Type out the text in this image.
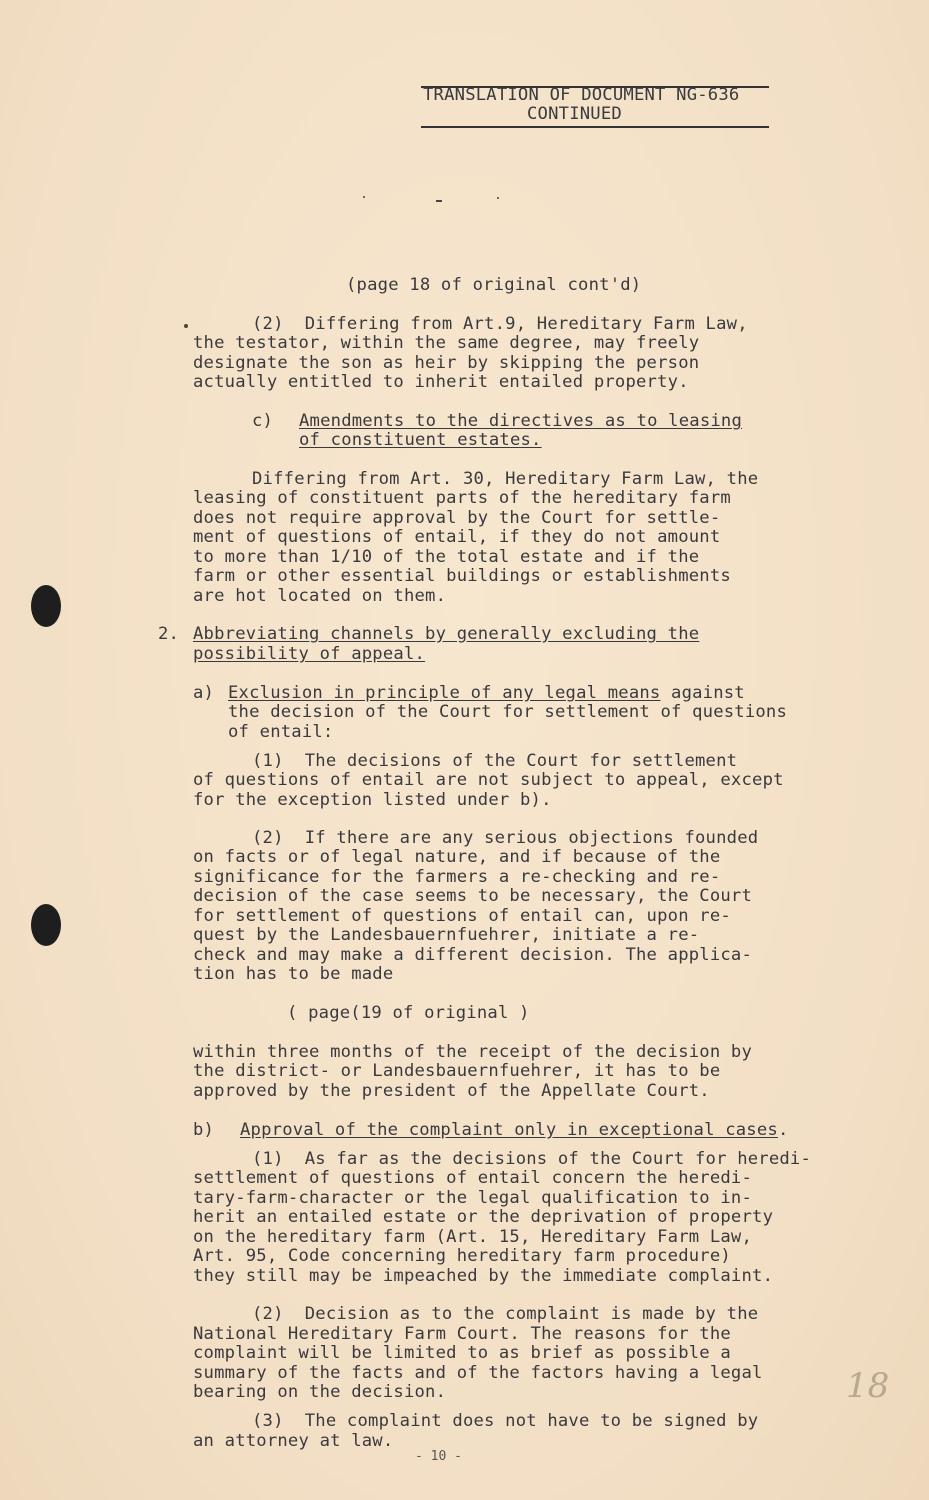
TRANSLATION OF DOCUMENT NG-636

CONTINUED

(page 18 of original cont'd)

(2)  Differing from Art.9, Hereditary Farm Law,

the testator, within the same degree, may freely

designate the son as heir by skipping the person

actually entitled to inherit entailed property.

c) Amendments to the directives as to leasing

of constituent estates.

Differing from Art. 30, Hereditary Farm Law, the

leasing of constituent parts of the hereditary farm

does not require approval by the Court for settle-

ment of questions of entail, if they do not amount

to more than 1/10 of the total estate and if the

farm or other essential buildings or establishments

are hot located on them.

2. Abbreviating channels by generally excluding the

possibility of appeal.

a) Exclusion in principle of any legal means against

the decision of the Court for settlement of questions

of entail:

(1)  The decisions of the Court for settlement

of questions of entail are not subject to appeal, except

for the exception listed under b).

(2)  If there are any serious objections founded

on facts or of legal nature, and if because of the

significance for the farmers a re-checking and re-

decision of the case seems to be necessary, the Court

for settlement of questions of entail can, upon re-

quest by the Landesbauernfuehrer, initiate a re-

check and may make a different decision. The applica-

tion has to be made

( page(19 of original )

within three months of the receipt of the decision by

the district- or Landesbauernfuehrer, it has to be

approved by the president of the Appellate Court.

b) Approval of the complaint only in exceptional cases.

(1)  As far as the decisions of the Court for heredi-

settlement of questions of entail concern the heredi-

tary-farm-character or the legal qualification to in-

herit an entailed estate or the deprivation of property

on the hereditary farm (Art. 15, Hereditary Farm Law,

Art. 95, Code concerning hereditary farm procedure)

they still may be impeached by the immediate complaint.

(2)  Decision as to the complaint is made by the

National Hereditary Farm Court. The reasons for the

complaint will be limited to as brief as possible a

summary of the facts and of the factors having a legal

bearing on the decision.	18

(3)  The complaint does not have to be signed by

an attorney at law.

- 10 -
